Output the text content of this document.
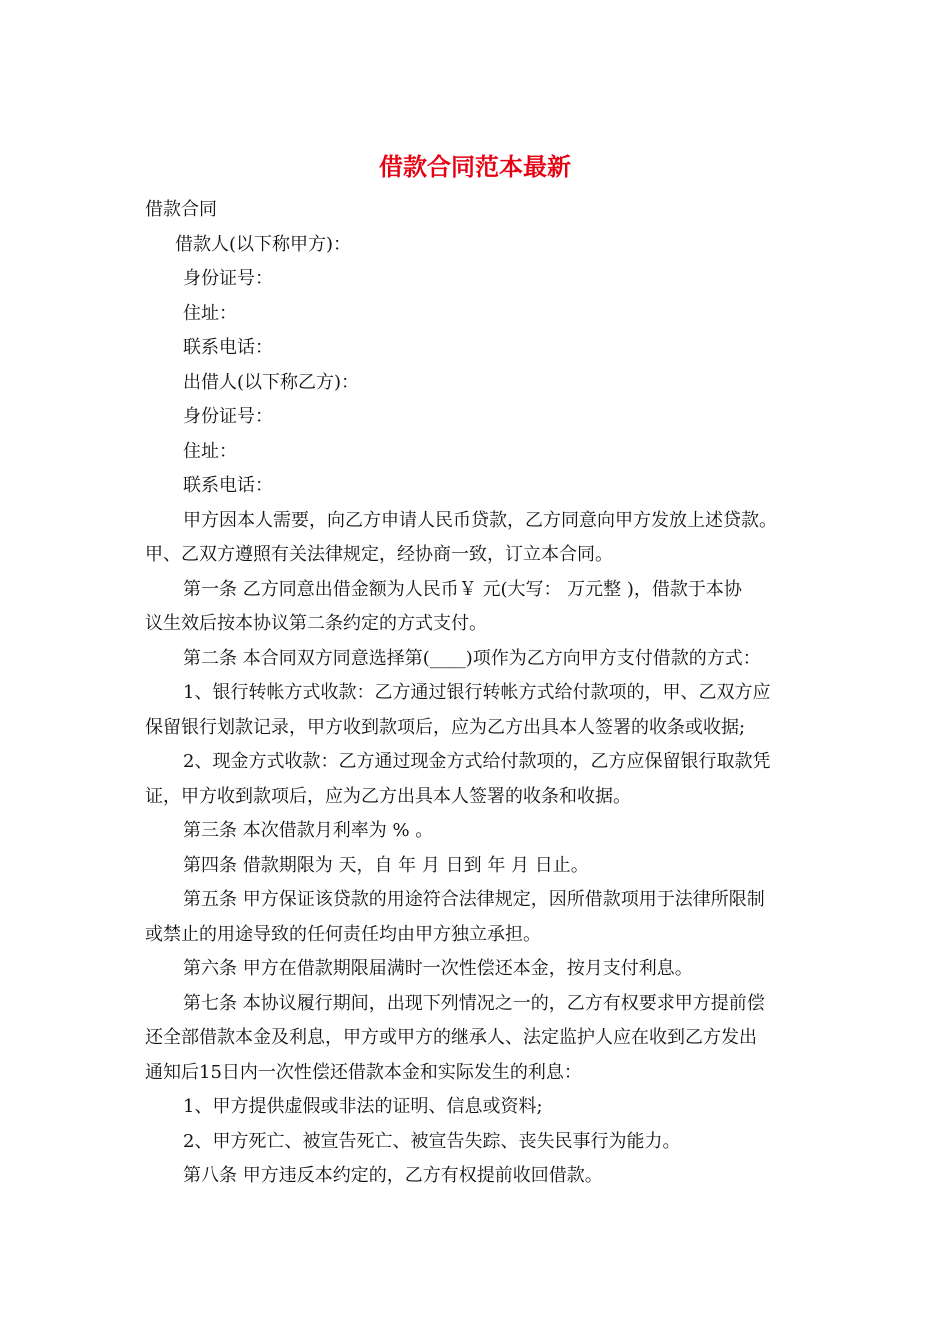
借款合同范本最新
借款合同
借款人(以下称甲方)：
身份证号：
住址：
联系电话：
出借人(以下称乙方)：
身份证号：
住址：
联系电话：
甲方因本人需要，向乙方申请人民币贷款，乙方同意向甲方发放上述贷款。
甲、乙双方遵照有关法律规定，经协商一致，订立本合同。
第一条 乙方同意出借金额为人民币￥ 元(大写： 万元整 )，借款于本协
议生效后按本协议第二条约定的方式支付。
第二条 本合同双方同意选择第(____)项作为乙方向甲方支付借款的方式：
1、银行转帐方式收款：乙方通过银行转帐方式给付款项的，甲、乙双方应
保留银行划款记录，甲方收到款项后，应为乙方出具本人签署的收条或收据;
2、现金方式收款：乙方通过现金方式给付款项的，乙方应保留银行取款凭
证，甲方收到款项后，应为乙方出具本人签署的收条和收据。
第三条 本次借款月利率为 % 。
第四条 借款期限为 天，自 年 月 日到 年 月 日止。
第五条 甲方保证该贷款的用途符合法律规定，因所借款项用于法律所限制
或禁止的用途导致的任何责任均由甲方独立承担。
第六条 甲方在借款期限届满时一次性偿还本金，按月支付利息。
第七条 本协议履行期间，出现下列情况之一的，乙方有权要求甲方提前偿
还全部借款本金及利息，甲方或甲方的继承人、法定监护人应在收到乙方发出
通知后15日内一次性偿还借款本金和实际发生的利息：
1、甲方提供虚假或非法的证明、信息或资料;
2、甲方死亡、被宣告死亡、被宣告失踪、丧失民事行为能力。
第八条 甲方违反本约定的，乙方有权提前收回借款。
